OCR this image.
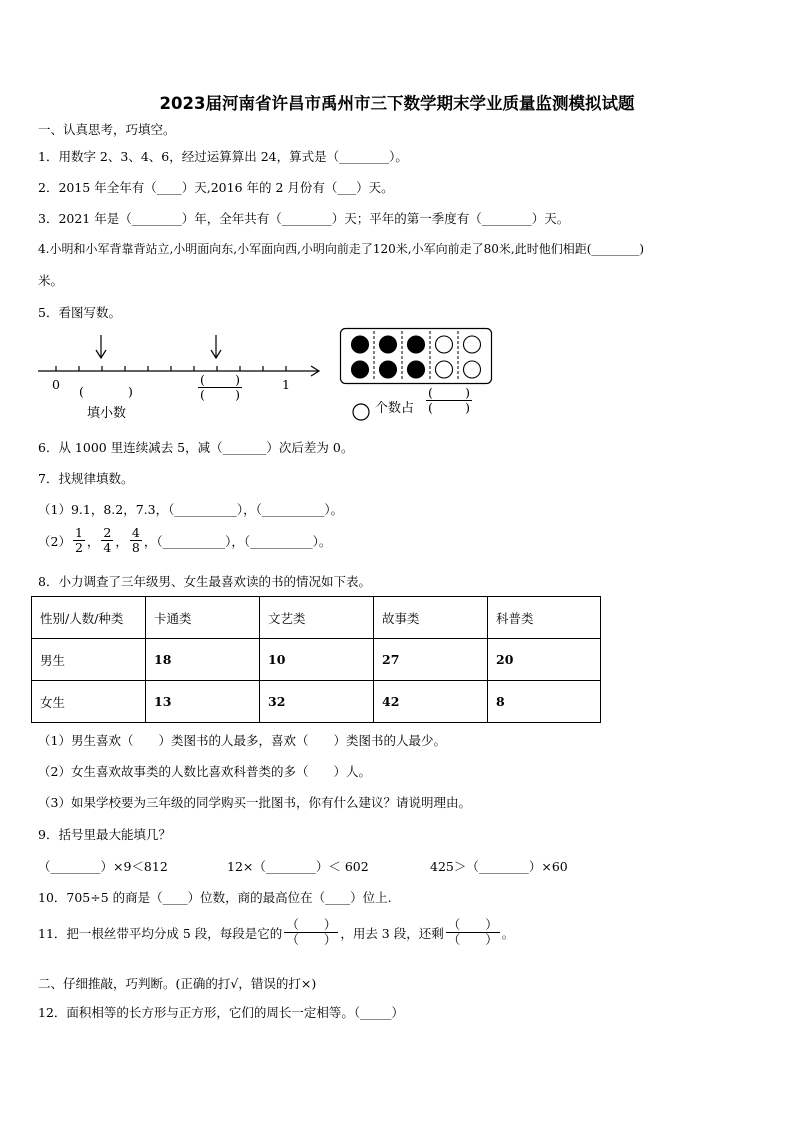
2023届河南省许昌市禹州市三下数学期末学业质量监测模拟试题
一、认真思考，巧填空。
1．用数字 2、3、4、6，经过运算算出 24，算式是（________）。
2．2015 年全年有（____）天,2016 年的 2 月份有（___）天。
3．2021 年是（________）年，全年共有（________）天；平年的第一季度有（________）天。
4.小明和小军背靠背站立,小明面向东,小军面向西,小明向前走了120米,小军向前走了80米,此时他们相距(________)
米。
5．看图写数。
0	1
(	)
填小数
( )
( )
个数占
(	)
(	)
6．从 1000 里连续减去 5，减（_______）次后差为 0。
7．找规律填数。
（1）9.1，8.2，7.3，（__________），（__________）。
$(2) \frac{1}{2}$ ， $\frac{2}{4}$ ， $\frac{4}{8}$ ，（__________），（__________）。
8．小力调查了三年级男、女生最喜欢读的书的情况如下表。
性别/人数/种类	卡通类	文艺类	故事类	科普类
男生	18	10	27	20
女生	13	32	42	8
（1）男生喜欢（　　）类图书的人最多，喜欢（　　）类图书的人最少。
（2）女生喜欢故事类的人数比喜欢科普类的多（　　）人。
（3）如果学校要为三年级的同学购买一批图书，你有什么建议？请说明理由。
9．括号里最大能填几？
（________）×9＜812	12×（________）＜ 602	425＞（________）×60
10．705÷5 的商是（____）位数，商的最高位在（____）位上.
11．把一根丝带平均分成 5 段，每段是它的 $\frac{( )}{( )}$ ，用去 3 段，还剩 $\frac{( )}{( )}$ 。
二、仔细推敲，巧判断。(正确的打√，错误的打×)
12．面积相等的长方形与正方形，它们的周长一定相等。（_____）
